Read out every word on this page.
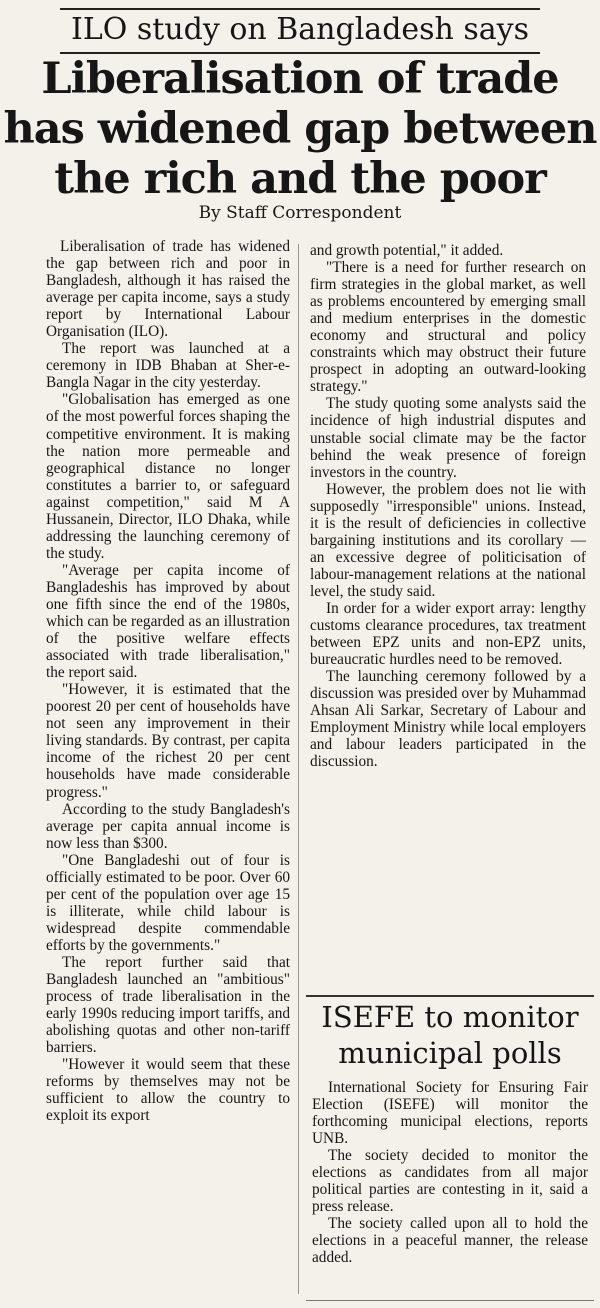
ILO study on Bangladesh says
Liberalisation of trade has widened gap between the rich and the poor
By Staff Correspondent

Liberalisation of trade has widened the gap between rich and poor in Bangladesh, although it has raised the average per capita income, says a study report by International Labour Organisation (ILO).

The report was launched at a ceremony in IDB Bhaban at Sher-e-Bangla Nagar in the city yesterday.

"Globalisation has emerged as one of the most powerful forces shaping the competitive environment. It is making the nation more permeable and geographical distance no longer constitutes a barrier to, or safeguard against competition," said M A Hussanein, Director, ILO Dhaka, while addressing the launching ceremony of the study.

"Average per capita income of Bangladeshis has improved by about one fifth since the end of the 1980s, which can be regarded as an illustration of the positive welfare effects associated with trade liberalisation," the report said.

"However, it is estimated that the poorest 20 per cent of households have not seen any improvement in their living standards. By contrast, per capita income of the richest 20 per cent households have made considerable progress."

According to the study Bangladesh's average per capita annual income is now less than $300.

"One Bangladeshi out of four is officially estimated to be poor. Over 60 per cent of the population over age 15 is illiterate, while child labour is widespread despite commendable efforts by the governments."

The report further said that Bangladesh launched an "ambitious" process of trade liberalisation in the early 1990s reducing import tariffs, and abolishing quotas and other non-tariff barriers.

"However it would seem that these reforms by themselves may not be sufficient to allow the country to exploit its export

and growth potential," it added.

"There is a need for further research on firm strategies in the global market, as well as problems encountered by emerging small and medium enterprises in the domestic economy and structural and policy constraints which may obstruct their future prospect in adopting an outward-looking strategy."

The study quoting some analysts said the incidence of high industrial disputes and unstable social climate may be the factor behind the weak presence of foreign investors in the country.

However, the problem does not lie with supposedly "irresponsible" unions. Instead, it is the result of deficiencies in collective bargaining institutions and its corollary — an excessive degree of politicisation of labour-management relations at the national level, the study said.

In order for a wider export array: lengthy customs clearance procedures, tax treatment between EPZ units and non-EPZ units, bureaucratic hurdles need to be removed.

The launching ceremony followed by a discussion was presided over by Muhammad Ahsan Ali Sarkar, Secretary of Labour and Employment Ministry while local employers and labour leaders participated in the discussion.

ISEFE to monitor municipal polls

International Society for Ensuring Fair Election (ISEFE) will monitor the forthcoming municipal elections, reports UNB.

The society decided to monitor the elections as candidates from all major political parties are contesting in it, said a press release.

The society called upon all to hold the elections in a peaceful manner, the release added.
